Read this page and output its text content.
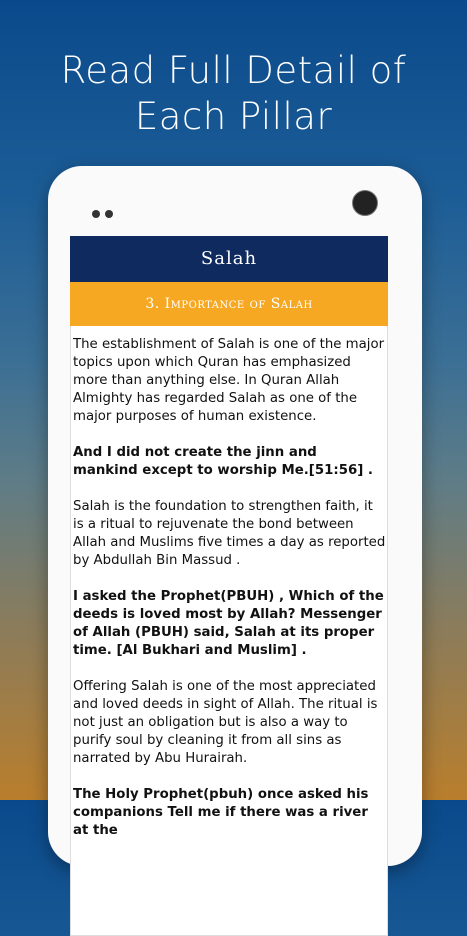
Read Full Detail of
Each Pillar
Salah
3. Importance of Salah

The establishment of Salah is one of the major topics upon which Quran has emphasized more than anything else. In Quran Allah Almighty has regarded Salah as one of the major purposes of human existence.

And I did not create the jinn and mankind except to worship Me.[51:56] .

Salah is the foundation to strengthen faith, it is a ritual to rejuvenate the bond between Allah and Muslims five times a day as reported by Abdullah Bin Massud .

I asked the Prophet(PBUH) , Which of the deeds is loved most by Allah? Messenger of Allah (PBUH) said, Salah at its proper time. [Al Bukhari and Muslim] .

Offering Salah is one of the most appreciated and loved deeds in sight of Allah. The ritual is not just an obligation but is also a way to purify soul by cleaning it from all sins as narrated by Abu Hurairah.

The Holy Prophet(pbuh) once asked his companions Tell me if there was a river at the
